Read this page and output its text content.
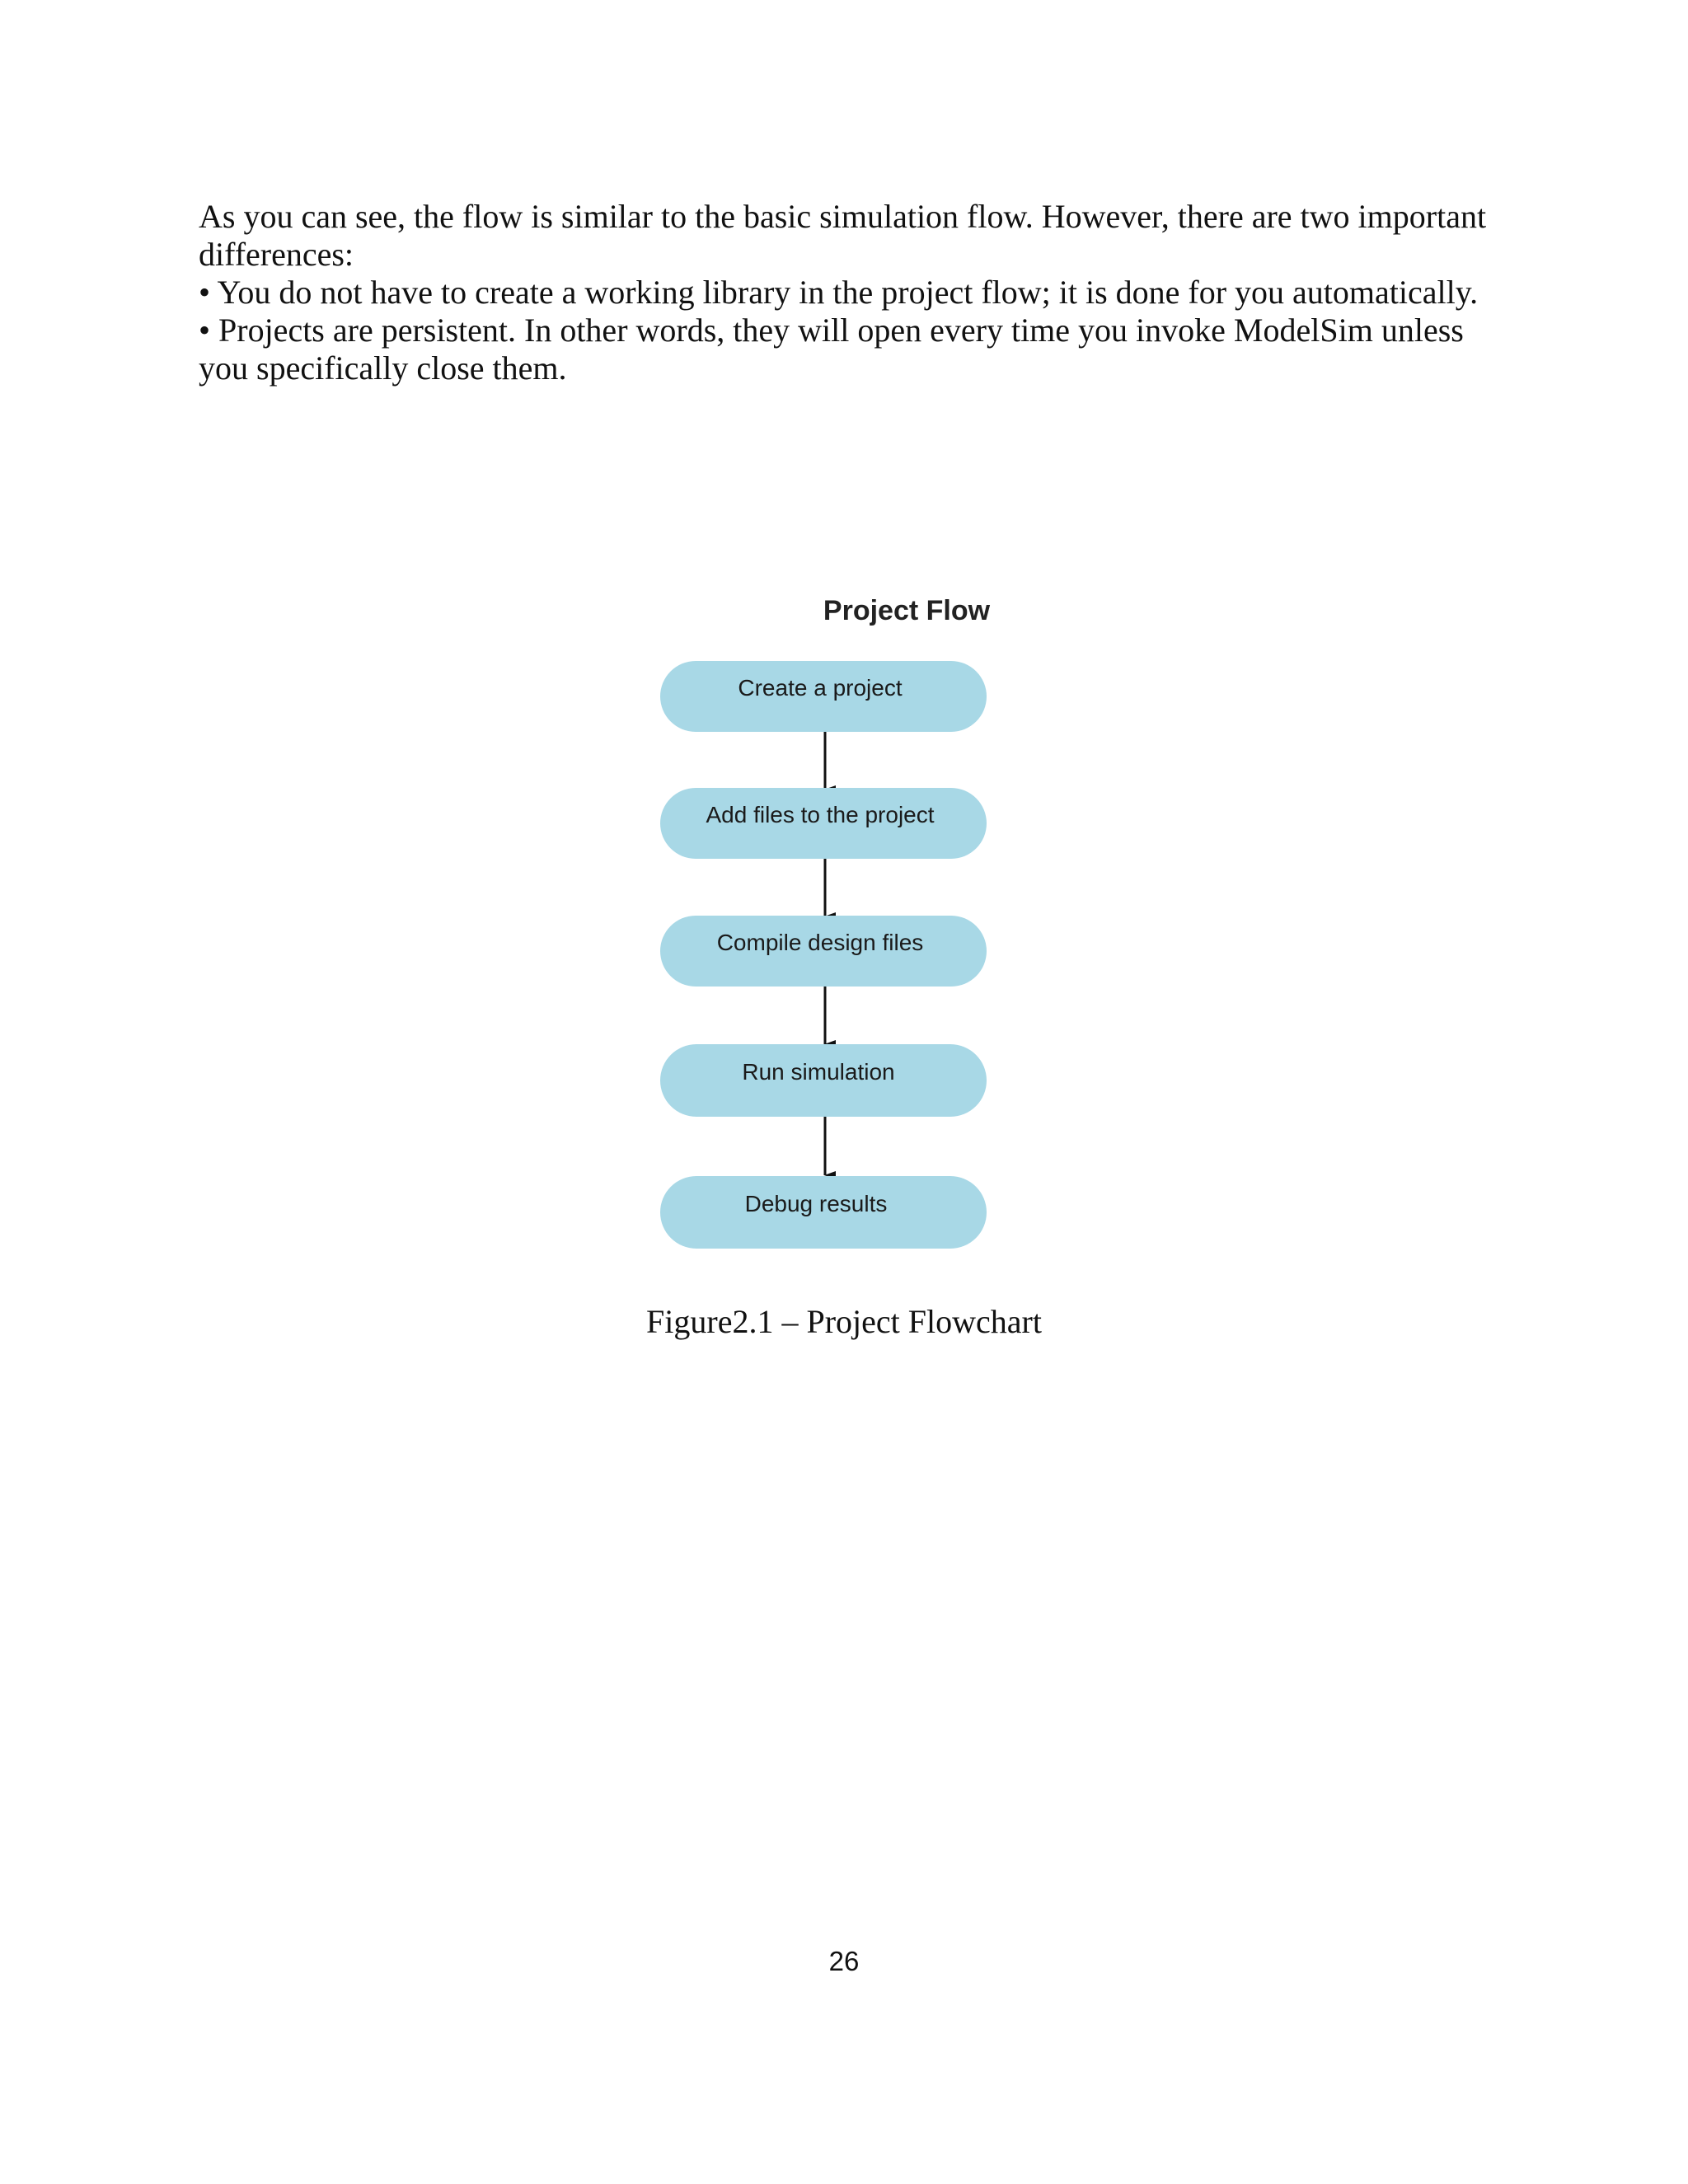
As you can see, the flow is similar to the basic simulation flow. However, there are two important differences:

• You do not have to create a working library in the project flow; it is done for you automatically.

• Projects are persistent. In other words, they will open every time you invoke ModelSim unless you specifically close them.

Project Flow
Create a project
Add files to the project
Compile design files
Run simulation
Debug results
Figure2.1 – Project Flowchart
26
